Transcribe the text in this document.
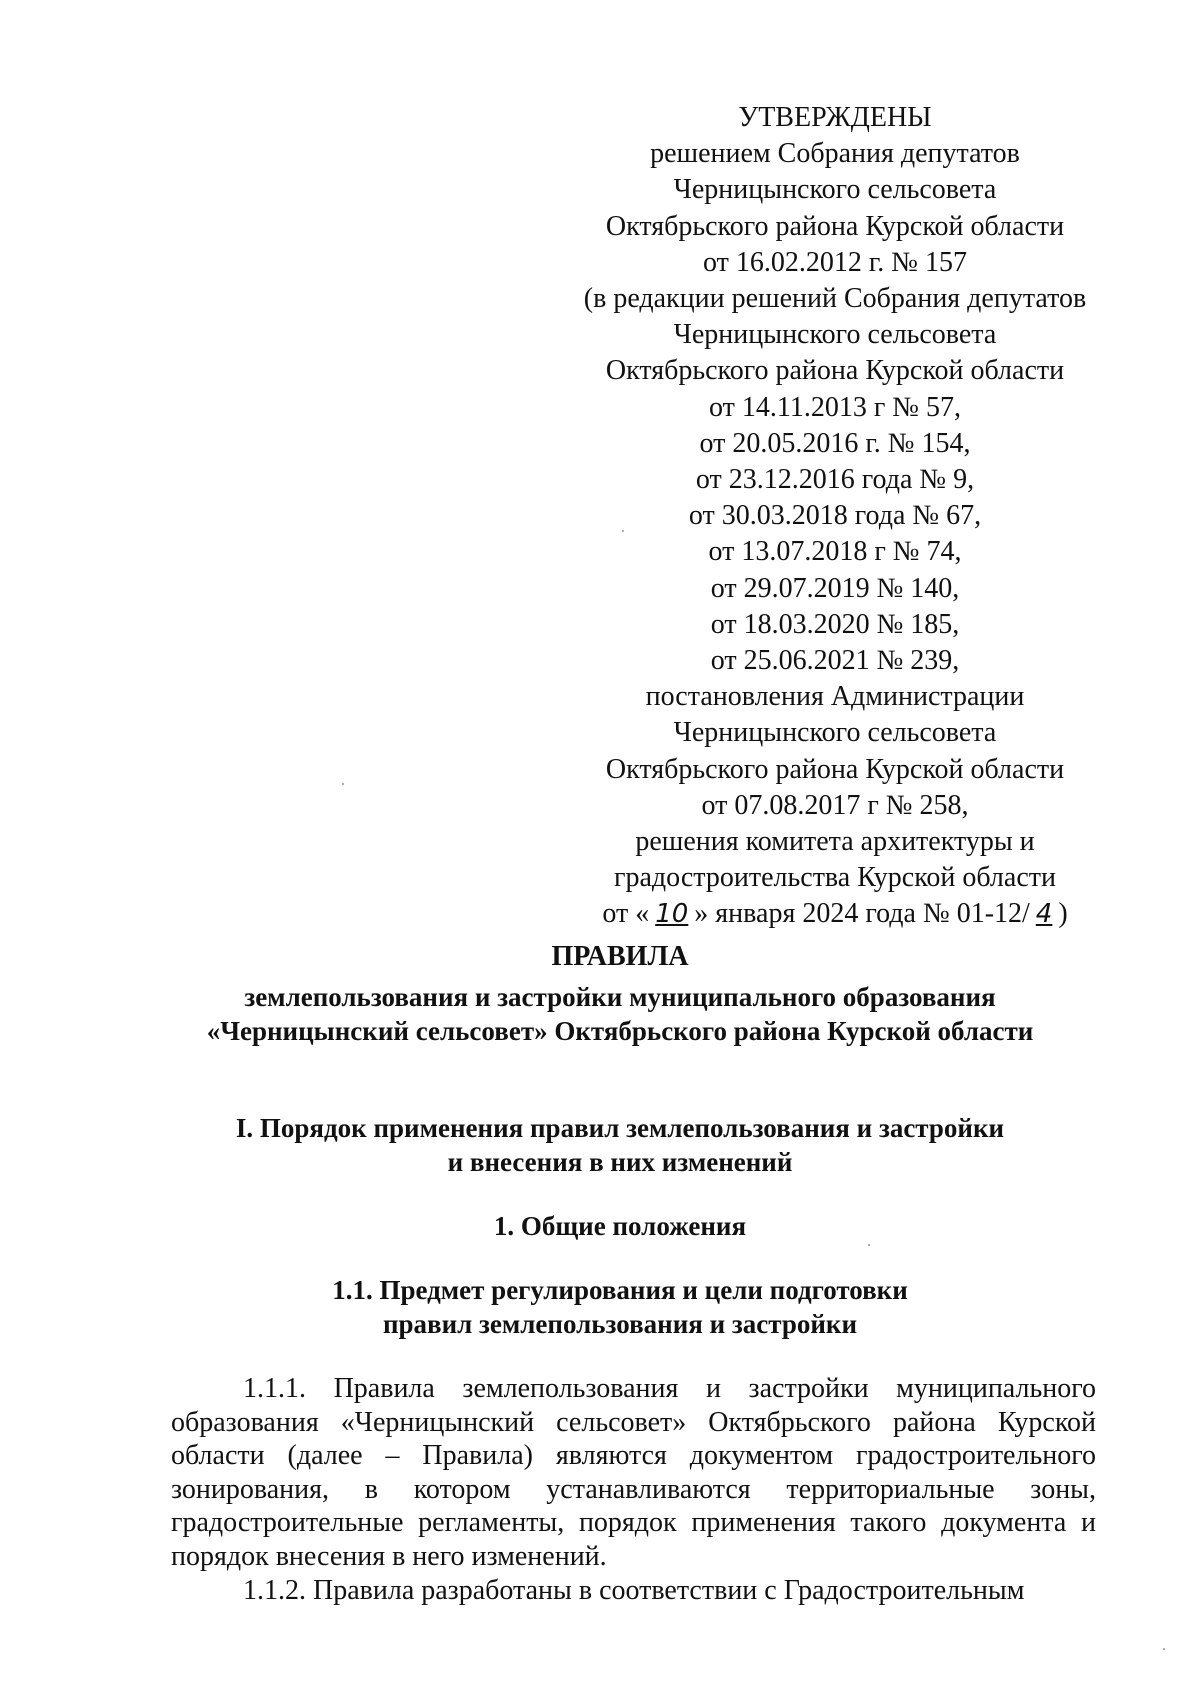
УТВЕРЖДЕНЫ
решением Собрания депутатов
Черницынского сельсовета
Октябрьского района Курской области
от 16.02.2012 г. № 157
(в редакции решений Собрания депутатов
Черницынского сельсовета
Октябрьского района Курской области
от 14.11.2013 г № 57,
от 20.05.2016 г. № 154,
от 23.12.2016 года № 9,
от 30.03.2018 года № 67,
от 13.07.2018 г № 74,
от 29.07.2019 № 140,
от 18.03.2020 № 185,
от 25.06.2021 № 239,
постановления Администрации
Черницынского сельсовета
Октябрьского района Курской области
от 07.08.2017 г № 258,
решения комитета архитектуры и
градостроительства Курской области
от « 10 » января 2024 года № 01-12/ 4 )
ПРАВИЛА
землепользования и застройки муниципального образования
«Черницынский сельсовет» Октябрьского района Курской области
I. Порядок применения правил землепользования и застройки
и внесения в них изменений
1. Общие положения
1.1. Предмет регулирования и цели подготовки
правил землепользования и застройки
1.1.1. Правила землепользования и застройки муниципального образования «Черницынский сельсовет» Октябрьского района Курской области (далее – Правила) являются документом градостроительного зонирования, в котором устанавливаются территориальные зоны, градостроительные регламенты, порядок применения такого документа и порядок внесения в него изменений.
1.1.2. Правила разработаны в соответствии с Градостроительным
